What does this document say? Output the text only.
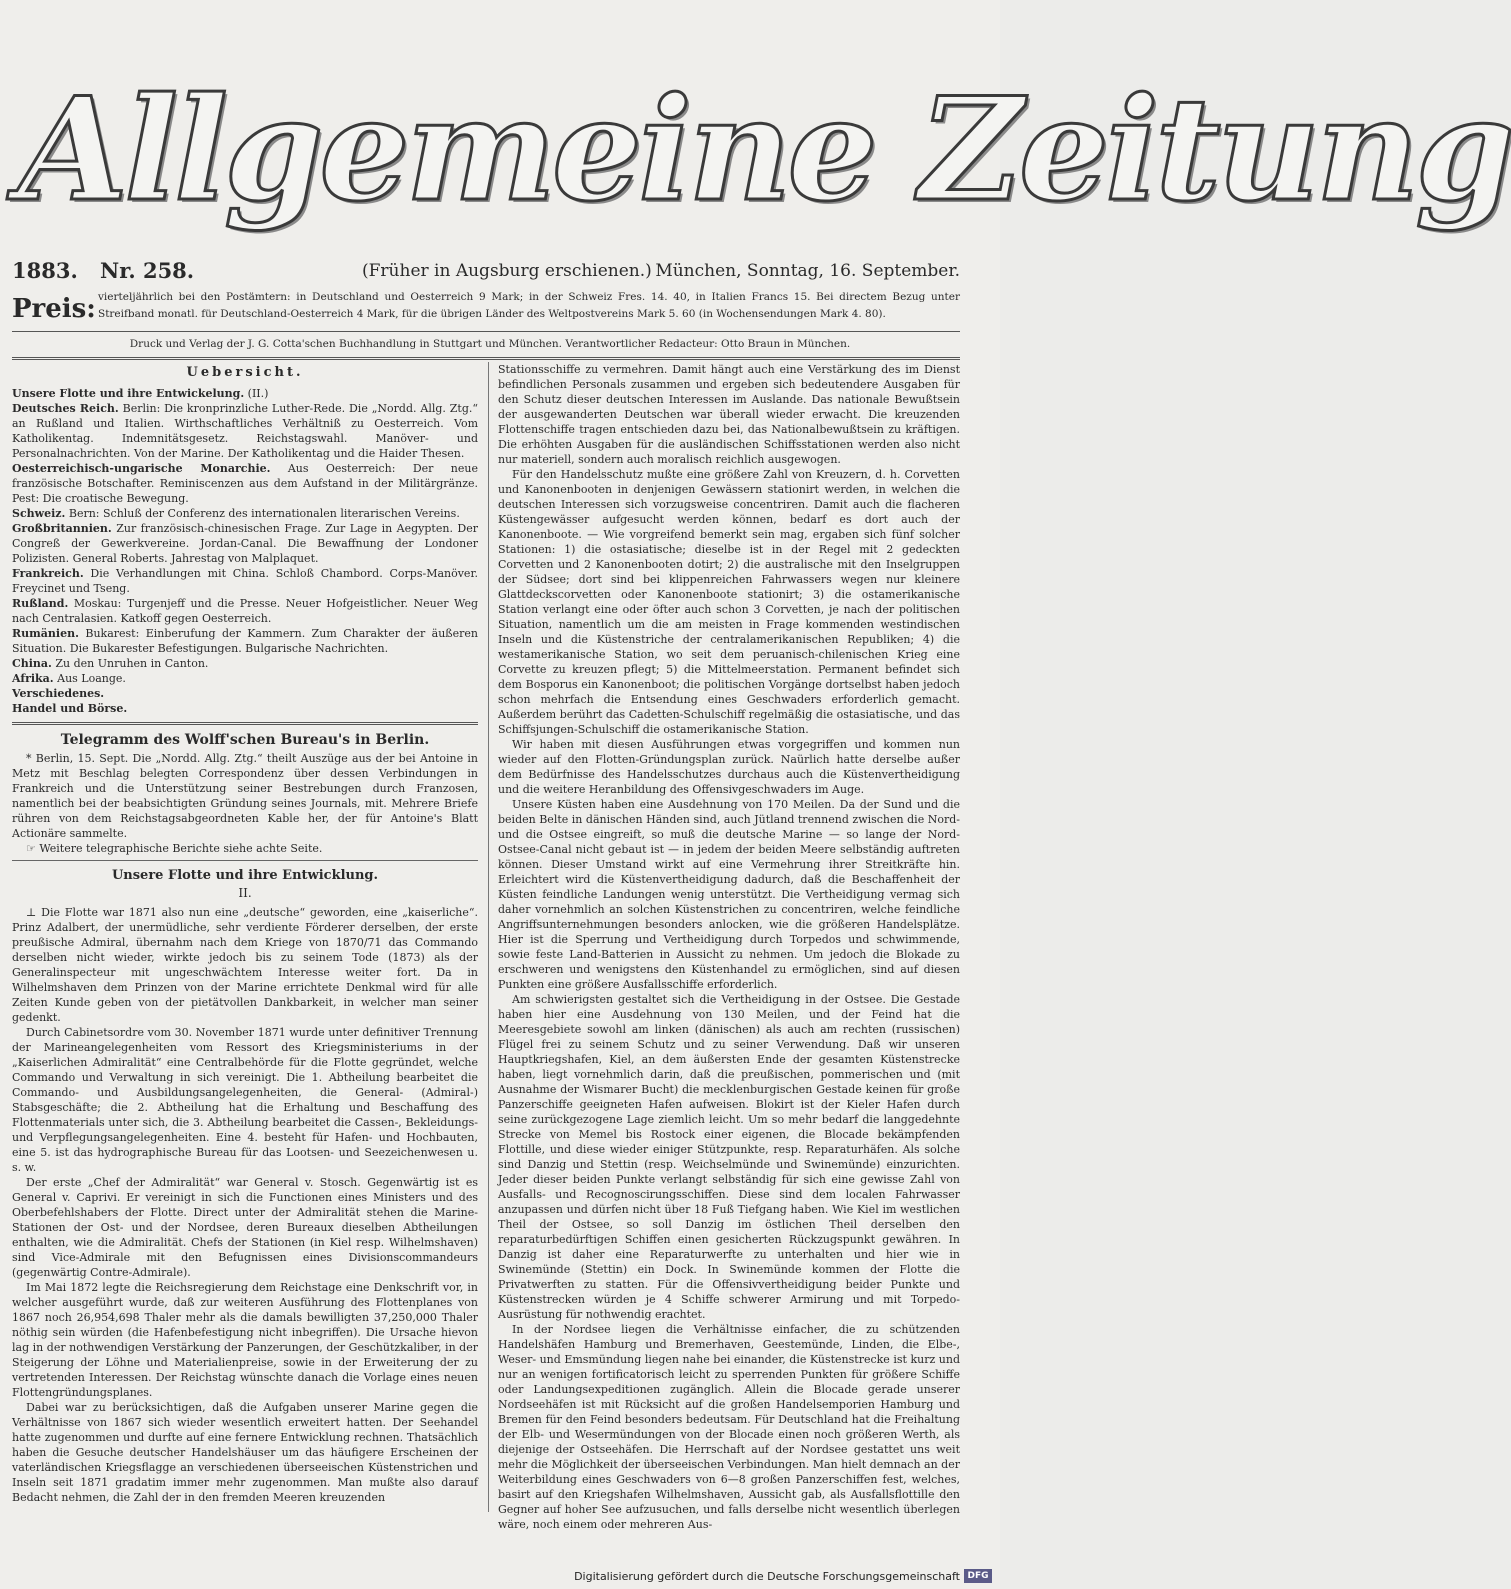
Allgemeine Zeitung
1883. Nr. 258.	(Früher in Augsburg erschienen.) München, Sonntag, 16. September.
Preis: vierteljährlich bei den Postämtern: in Deutschland und Oesterreich 9 Mark; in der Schweiz Fres. 14. 40, in Italien Francs 15. Bei directem Bezug unter Streifband monatl. für Deutschland-Oesterreich 4 Mark, für die übrigen Länder des Weltpostvereins Mark 5. 60 (in Wochensendungen Mark 4. 80).
Druck und Verlag der J. G. Cotta'schen Buchhandlung in Stuttgart und München. Verantwortlicher Redacteur: Otto Braun in München.
Uebersicht.

Unsere Flotte und ihre Entwickelung. (II.)

Deutsches Reich. Berlin: Die kronprinzliche Luther-Rede. Die „Nordd. Allg. Ztg.“ an Rußland und Italien. Wirthschaftliches Verhältniß zu Oesterreich. Vom Katholikentag. Indemnitätsgesetz. Reichstagswahl. Manöver- und Personalnachrichten. Von der Marine. Der Katholikentag und die Haider Thesen.

Oesterreichisch-ungarische Monarchie. Aus Oesterreich: Der neue französische Botschafter. Reminiscenzen aus dem Aufstand in der Militärgränze. Pest: Die croatische Bewegung.

Schweiz. Bern: Schluß der Conferenz des internationalen literarischen Vereins.

Großbritannien. Zur französisch-chinesischen Frage. Zur Lage in Aegypten. Der Congreß der Gewerkvereine. Jordan-Canal. Die Bewaffnung der Londoner Polizisten. General Roberts. Jahrestag von Malplaquet.

Frankreich. Die Verhandlungen mit China. Schloß Chambord. Corps-Manöver. Freycinet und Tseng.

Rußland. Moskau: Turgenjeff und die Presse. Neuer Hofgeistlicher. Neuer Weg nach Centralasien. Katkoff gegen Oesterreich.

Rumänien. Bukarest: Einberufung der Kammern. Zum Charakter der äußeren Situation. Die Bukarester Befestigungen. Bulgarische Nachrichten.

China. Zu den Unruhen in Canton.

Afrika. Aus Loange.

Verschiedenes.

Handel und Börse.

Telegramm des Wolff'schen Bureau's in Berlin.

* Berlin, 15. Sept. Die „Nordd. Allg. Ztg.“ theilt Auszüge aus der bei Antoine in Metz mit Beschlag belegten Correspondenz über dessen Verbindungen in Frankreich und die Unterstützung seiner Bestrebungen durch Franzosen, namentlich bei der beabsichtigten Gründung seines Journals, mit. Mehrere Briefe rühren von dem Reichstagsabgeordneten Kable her, der für Antoine's Blatt Actionäre sammelte.

☞ Weitere telegraphische Berichte siehe achte Seite.

Unsere Flotte und ihre Entwicklung.
II.

⊥ Die Flotte war 1871 also nun eine „deutsche“ geworden, eine „kaiserliche“. Prinz Adalbert, der unermüdliche, sehr verdiente Förderer derselben, der erste preußische Admiral, übernahm nach dem Kriege von 1870/71 das Commando derselben nicht wieder, wirkte jedoch bis zu seinem Tode (1873) als der Generalinspecteur mit ungeschwächtem Interesse weiter fort. Da in Wilhelmshaven dem Prinzen von der Marine errichtete Denkmal wird für alle Zeiten Kunde geben von der pietätvollen Dankbarkeit, in welcher man seiner gedenkt.

Durch Cabinetsordre vom 30. November 1871 wurde unter definitiver Trennung der Marineangelegenheiten vom Ressort des Kriegsministeriums in der „Kaiserlichen Admiralität“ eine Centralbehörde für die Flotte gegründet, welche Commando und Verwaltung in sich vereinigt. Die 1. Abtheilung bearbeitet die Commando- und Ausbildungsangelegenheiten, die General- (Admiral-) Stabsgeschäfte; die 2. Abtheilung hat die Erhaltung und Beschaffung des Flottenmaterials unter sich, die 3. Abtheilung bearbeitet die Cassen-, Bekleidungs- und Verpflegungsangelegenheiten. Eine 4. besteht für Hafen- und Hochbauten, eine 5. ist das hydrographische Bureau für das Lootsen- und Seezeichenwesen u. s. w.

Der erste „Chef der Admiralität“ war General v. Stosch. Gegenwärtig ist es General v. Caprivi. Er vereinigt in sich die Functionen eines Ministers und des Oberbefehlshabers der Flotte. Direct unter der Admiralität stehen die Marine-Stationen der Ost- und der Nordsee, deren Bureaux dieselben Abtheilungen enthalten, wie die Admiralität. Chefs der Stationen (in Kiel resp. Wilhelmshaven) sind Vice-Admirale mit den Befugnissen eines Divisionscommandeurs (gegenwärtig Contre-Admirale).

Im Mai 1872 legte die Reichsregierung dem Reichstage eine Denkschrift vor, in welcher ausgeführt wurde, daß zur weiteren Ausführung des Flottenplanes von 1867 noch 26,954,698 Thaler mehr als die damals bewilligten 37,250,000 Thaler nöthig sein würden (die Hafenbefestigung nicht inbegriffen). Die Ursache hievon lag in der nothwendigen Verstärkung der Panzerungen, der Geschützkaliber, in der Steigerung der Löhne und Materialienpreise, sowie in der Erweiterung der zu vertretenden Interessen. Der Reichstag wünschte danach die Vorlage eines neuen Flottengründungsplanes.

Dabei war zu berücksichtigen, daß die Aufgaben unserer Marine gegen die Verhältnisse von 1867 sich wieder wesentlich erweitert hatten. Der Seehandel hatte zugenommen und durfte auf eine fernere Entwicklung rechnen. Thatsächlich haben die Gesuche deutscher Handelshäuser um das häufigere Erscheinen der vaterländischen Kriegsflagge an verschiedenen überseeischen Küstenstrichen und Inseln seit 1871 gradatim immer mehr zugenommen. Man mußte also darauf Bedacht nehmen, die Zahl der in den fremden Meeren kreuzenden

Stationsschiffe zu vermehren. Damit hängt auch eine Verstärkung des im Dienst befindlichen Personals zusammen und ergeben sich bedeutendere Ausgaben für den Schutz dieser deutschen Interessen im Auslande. Das nationale Bewußtsein der ausgewanderten Deutschen war überall wieder erwacht. Die kreuzenden Flottenschiffe tragen entschieden dazu bei, das Nationalbewußtsein zu kräftigen. Die erhöhten Ausgaben für die ausländischen Schiffsstationen werden also nicht nur materiell, sondern auch moralisch reichlich ausgewogen.

Für den Handelsschutz mußte eine größere Zahl von Kreuzern, d. h. Corvetten und Kanonenbooten in denjenigen Gewässern stationirt werden, in welchen die deutschen Interessen sich vorzugsweise concentriren. Damit auch die flacheren Küstengewässer aufgesucht werden können, bedarf es dort auch der Kanonenboote. — Wie vorgreifend bemerkt sein mag, ergaben sich fünf solcher Stationen: 1) die ostasiatische; dieselbe ist in der Regel mit 2 gedeckten Corvetten und 2 Kanonenbooten dotirt; 2) die australische mit den Inselgruppen der Südsee; dort sind bei klippenreichen Fahrwassers wegen nur kleinere Glattdeckscorvetten oder Kanonenboote stationirt; 3) die ostamerikanische Station verlangt eine oder öfter auch schon 3 Corvetten, je nach der politischen Situation, namentlich um die am meisten in Frage kommenden westindischen Inseln und die Küstenstriche der centralamerikanischen Republiken; 4) die westamerikanische Station, wo seit dem peruanisch-chilenischen Krieg eine Corvette zu kreuzen pflegt; 5) die Mittelmeerstation. Permanent befindet sich dem Bosporus ein Kanonenboot; die politischen Vorgänge dortselbst haben jedoch schon mehrfach die Entsendung eines Geschwaders erforderlich gemacht. Außerdem berührt das Cadetten-Schulschiff regelmäßig die ostasiatische, und das Schiffsjungen-Schulschiff die ostamerikanische Station.

Wir haben mit diesen Ausführungen etwas vorgegriffen und kommen nun wieder auf den Flotten-Gründungsplan zurück. Naürlich hatte derselbe außer dem Bedürfnisse des Handelsschutzes durchaus auch die Küstenvertheidigung und die weitere Heranbildung des Offensivgeschwaders im Auge.

Unsere Küsten haben eine Ausdehnung von 170 Meilen. Da der Sund und die beiden Belte in dänischen Händen sind, auch Jütland trennend zwischen die Nord- und die Ostsee eingreift, so muß die deutsche Marine — so lange der Nord-Ostsee-Canal nicht gebaut ist — in jedem der beiden Meere selbständig auftreten können. Dieser Umstand wirkt auf eine Vermehrung ihrer Streitkräfte hin. Erleichtert wird die Küstenvertheidigung dadurch, daß die Beschaffenheit der Küsten feindliche Landungen wenig unterstützt. Die Vertheidigung vermag sich daher vornehmlich an solchen Küstenstrichen zu concentriren, welche feindliche Angriffsunternehmungen besonders anlocken, wie die größeren Handelsplätze. Hier ist die Sperrung und Vertheidigung durch Torpedos und schwimmende, sowie feste Land-Batterien in Aussicht zu nehmen. Um jedoch die Blokade zu erschweren und wenigstens den Küstenhandel zu ermöglichen, sind auf diesen Punkten eine größere Ausfallsschiffe erforderlich.

Am schwierigsten gestaltet sich die Vertheidigung in der Ostsee. Die Gestade haben hier eine Ausdehnung von 130 Meilen, und der Feind hat die Meeresgebiete sowohl am linken (dänischen) als auch am rechten (russischen) Flügel frei zu seinem Schutz und zu seiner Verwendung. Daß wir unseren Hauptkriegshafen, Kiel, an dem äußersten Ende der gesamten Küstenstrecke haben, liegt vornehmlich darin, daß die preußischen, pommerischen und (mit Ausnahme der Wismarer Bucht) die mecklenburgischen Gestade keinen für große Panzerschiffe geeigneten Hafen aufweisen. Blokirt ist der Kieler Hafen durch seine zurückgezogene Lage ziemlich leicht. Um so mehr bedarf die langgedehnte Strecke von Memel bis Rostock einer eigenen, die Blocade bekämpfenden Flottille, und diese wieder einiger Stützpunkte, resp. Reparaturhäfen. Als solche sind Danzig und Stettin (resp. Weichselmünde und Swinemünde) einzurichten. Jeder dieser beiden Punkte verlangt selbständig für sich eine gewisse Zahl von Ausfalls- und Recognoscirungsschiffen. Diese sind dem localen Fahrwasser anzupassen und dürfen nicht über 18 Fuß Tiefgang haben. Wie Kiel im westlichen Theil der Ostsee, so soll Danzig im östlichen Theil derselben den reparaturbedürftigen Schiffen einen gesicherten Rückzugspunkt gewähren. In Danzig ist daher eine Reparaturwerfte zu unterhalten und hier wie in Swinemünde (Stettin) ein Dock. In Swinemünde kommen der Flotte die Privatwerften zu statten. Für die Offensivvertheidigung beider Punkte und Küstenstrecken würden je 4 Schiffe schwerer Armirung und mit Torpedo-Ausrüstung für nothwendig erachtet.

In der Nordsee liegen die Verhältnisse einfacher, die zu schützenden Handelshäfen Hamburg und Bremerhaven, Geestemünde, Linden, die Elbe-, Weser- und Emsmündung liegen nahe bei einander, die Küstenstrecke ist kurz und nur an wenigen fortificatorisch leicht zu sperrenden Punkten für größere Schiffe oder Landungsexpeditionen zugänglich. Allein die Blocade gerade unserer Nordseehäfen ist mit Rücksicht auf die großen Handelsemporien Hamburg und Bremen für den Feind besonders bedeutsam. Für Deutschland hat die Freihaltung der Elb- und Wesermündungen von der Blocade einen noch größeren Werth, als diejenige der Ostseehäfen. Die Herrschaft auf der Nordsee gestattet uns weit mehr die Möglichkeit der überseeischen Verbindungen. Man hielt demnach an der Weiterbildung eines Geschwaders von 6—8 großen Panzerschiffen fest, welches, basirt auf den Kriegshafen Wilhelmshaven, Aussicht gab, als Ausfallsflottille den Gegner auf hoher See aufzusuchen, und falls derselbe nicht wesentlich überlegen wäre, noch einem oder mehreren Aus-

Digitalisierung gefördert durch die Deutsche Forschungsgemeinschaft DFG
